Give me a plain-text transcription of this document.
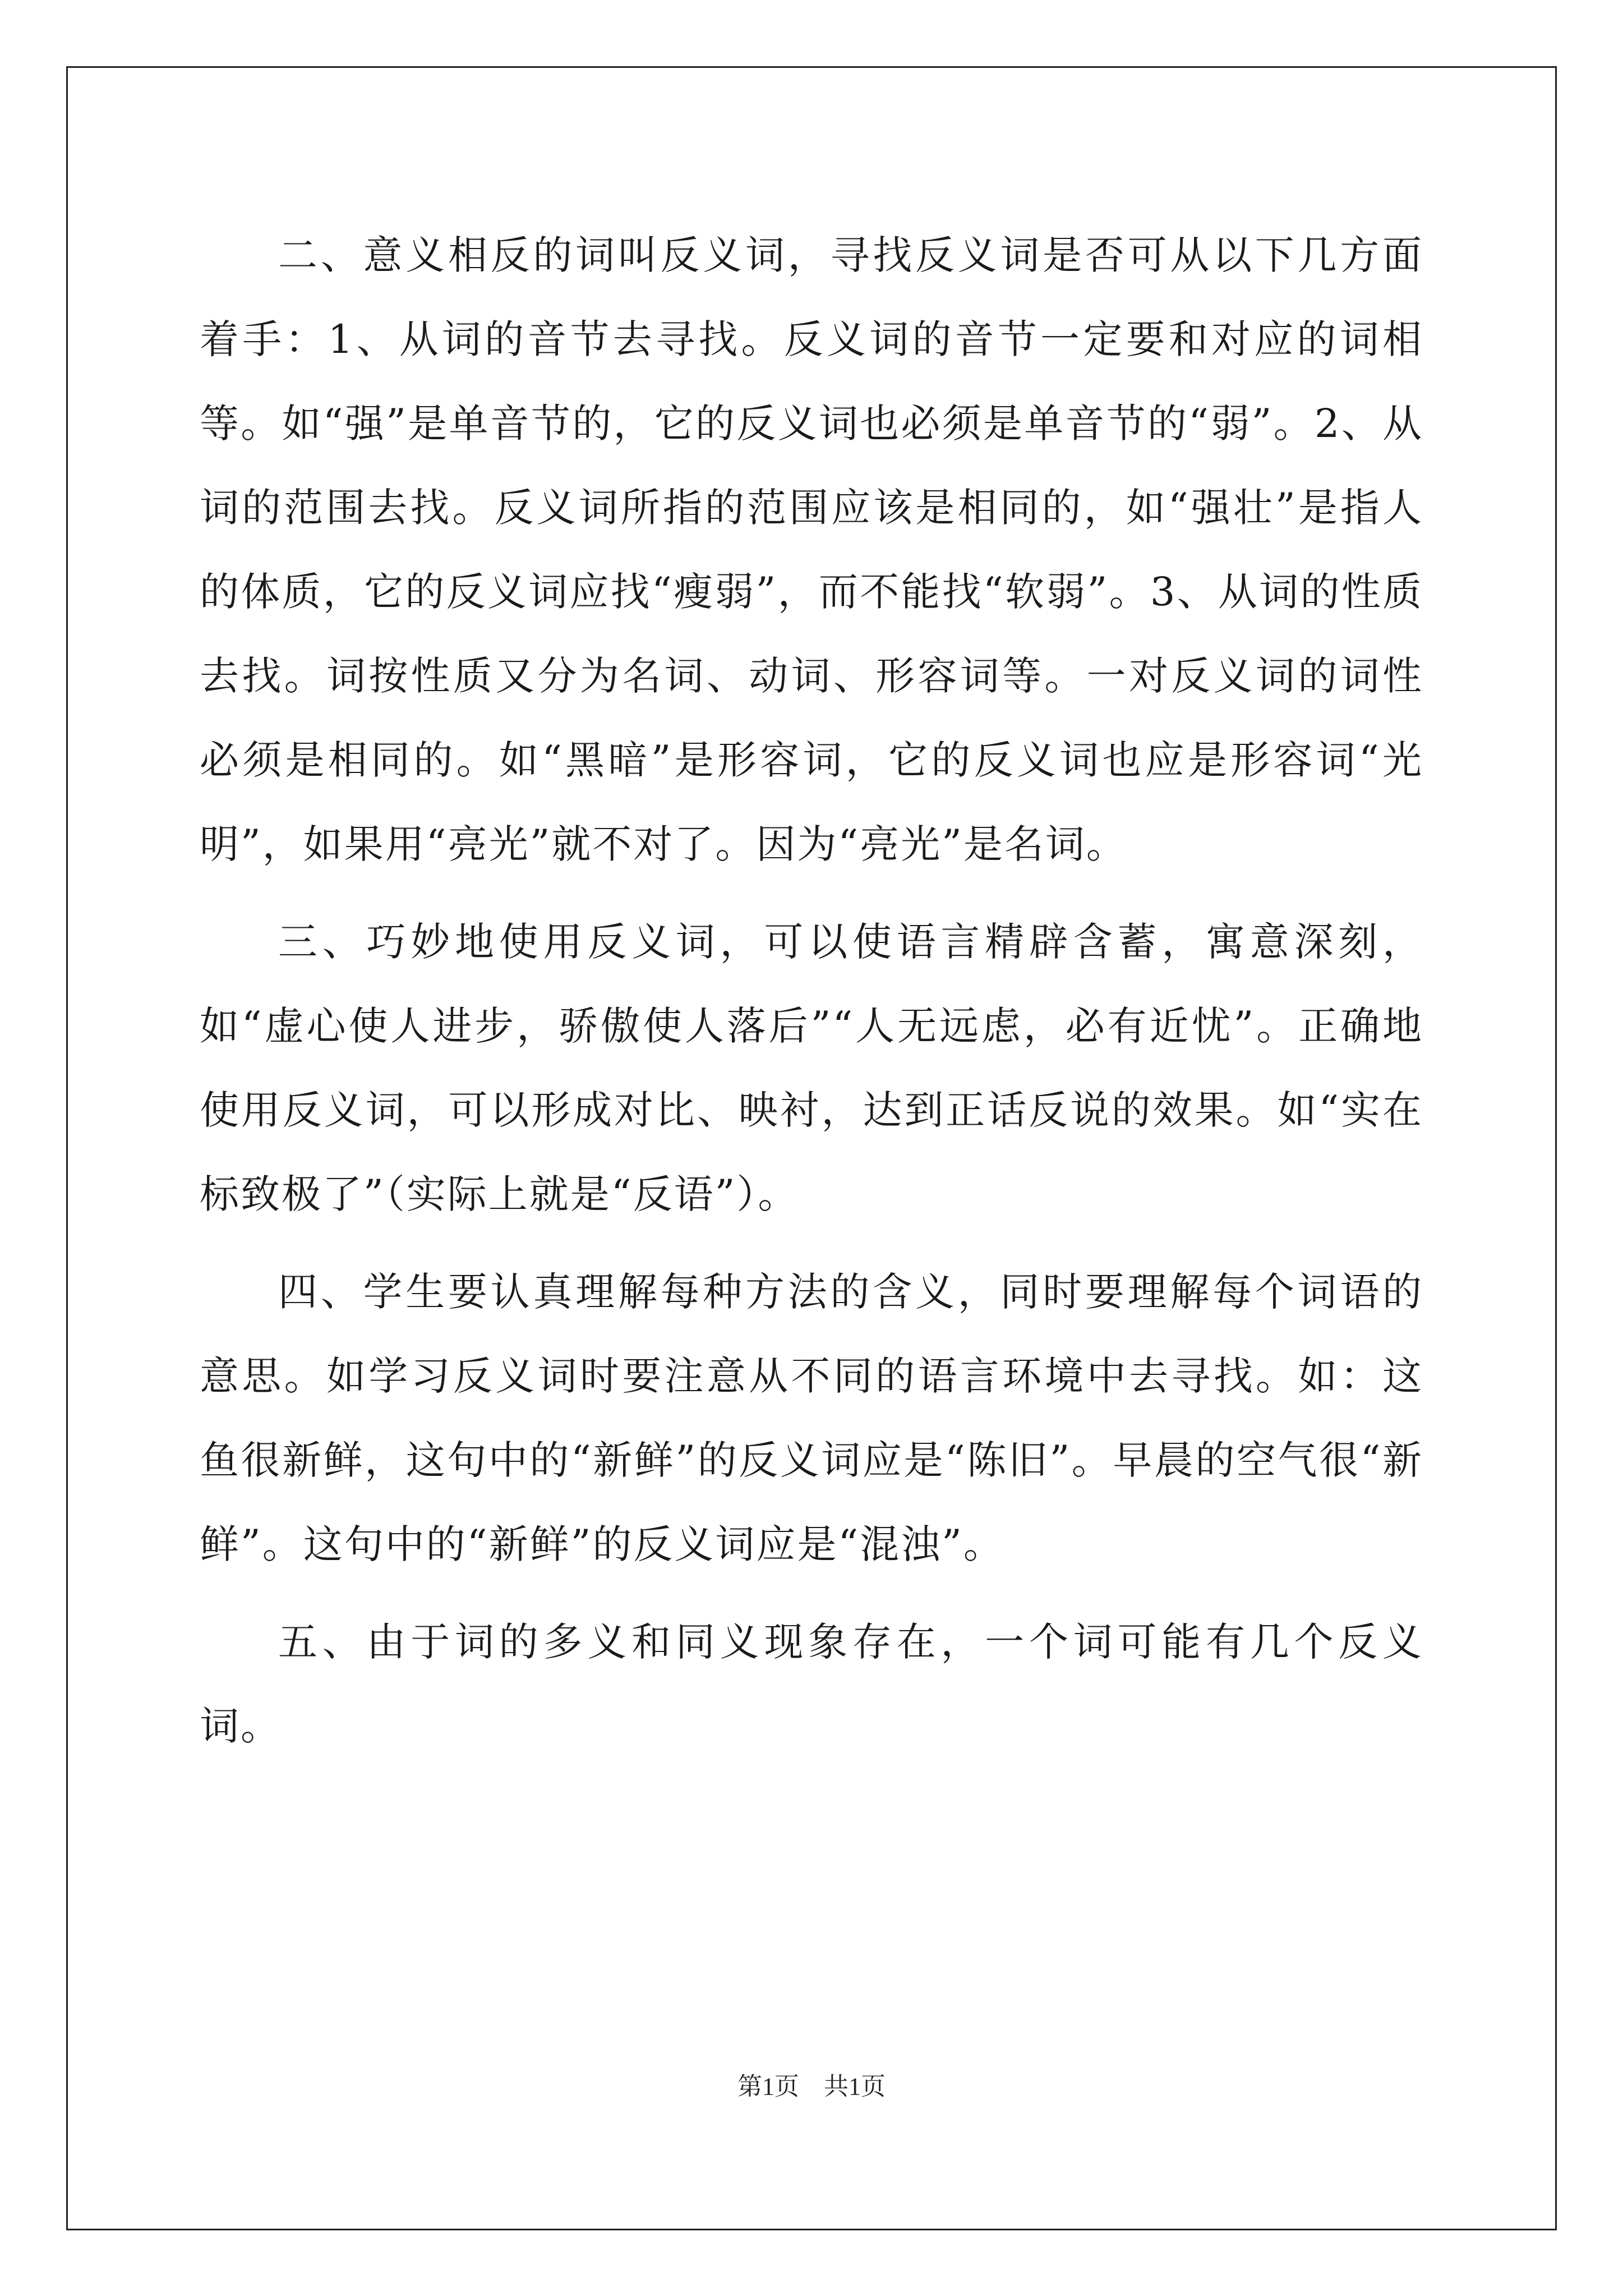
二、意义相反的词叫反义词，寻找反义词是否可从以下几方面着手：1、从词的音节去寻找。反义词的音节一定要和对应的词相等。如“强”是单音节的，它的反义词也必须是单音节的“弱”。2、从词的范围去找。反义词所指的范围应该是相同的，如“强壮”是指人的体质，它的反义词应找“瘦弱”，而不能找“软弱”。3、从词的性质去找。词按性质又分为名词、动词、形容词等。一对反义词的词性必须是相同的。如“黑暗”是形容词，它的反义词也应是形容词“光明”，如果用“亮光”就不对了。因为“亮光”是名词。

三、巧妙地使用反义词，可以使语言精辟含蓄，寓意深刻，如“虚心使人进步，骄傲使人落后”“人无远虑，必有近忧”。正确地使用反义词，可以形成对比、映衬，达到正话反说的效果。如“实在标致极了”（实际上就是“反语”）。

四、学生要认真理解每种方法的含义，同时要理解每个词语的意思。如学习反义词时要注意从不同的语言环境中去寻找。如：这鱼很新鲜，这句中的“新鲜”的反义词应是“陈旧”。早晨的空气很“新鲜”。这句中的“新鲜”的反义词应是“混浊”。

五、由于词的多义和同义现象存在，一个词可能有几个反义词。

第1页 共1页
